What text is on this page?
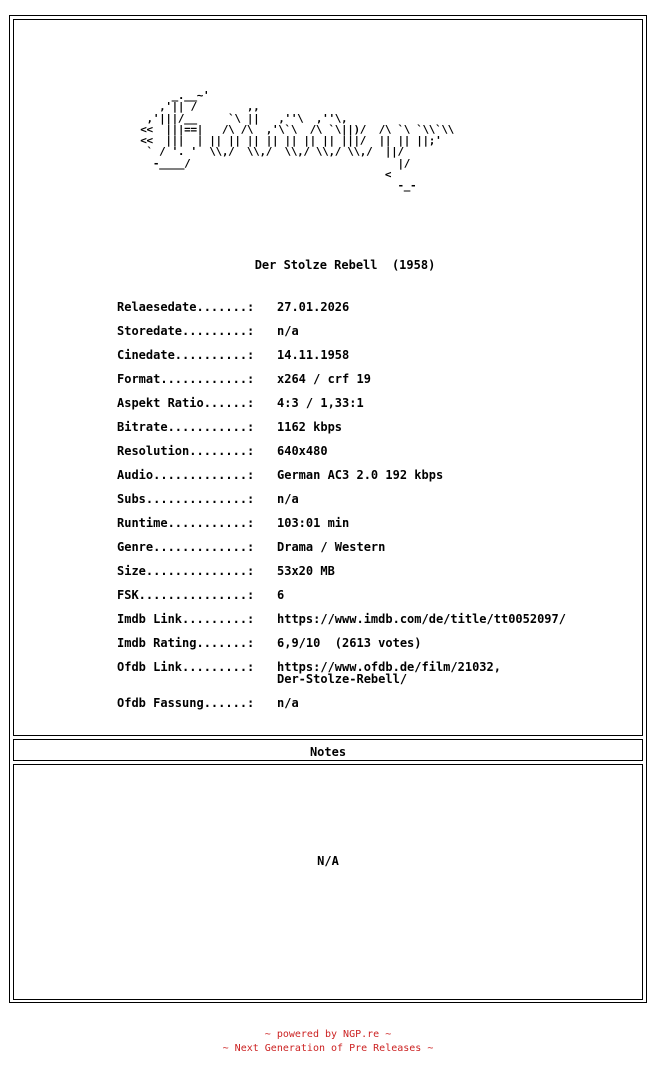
_.__~'
,'|| /        ,,
,'|||/__     `\ ||   ,''\  ,''\,
<<  |||==|   /\ /\  ,'\`\  /\ `\||)/  /\ `\ `\\`\\
<<  |||  | || || || || || || || |||/  || || ||;'
` / '. '  \\,/  \\,/  \\,/ \\,/ \\,/  ||/
-____/                                 |/
<
-_-
Der Stolze Rebell  (1958)
Relaesedate.......: 27.01.2026
Storedate.........: n/a
Cinedate..........: 14.11.1958
Format............: x264 / crf 19
Aspekt Ratio......: 4:3 / 1,33:1
Bitrate...........: 1162 kbps
Resolution........: 640x480
Audio.............: German AC3 2.0 192 kbps
Subs..............: n/a
Runtime...........: 103:01 min
Genre.............: Drama / Western
Size..............: 53x20 MB
FSK...............: 6
Imdb Link.........: https://www.imdb.com/de/title/tt0052097/
Imdb Rating.......: 6,9/10  (2613 votes)
Ofdb Link.........: https://www.ofdb.de/film/21032,
Der-Stolze-Rebell/
Ofdb Fassung......: n/a
Notes
N/A
~ powered by NGP.re ~
~ Next Generation of Pre Releases ~
